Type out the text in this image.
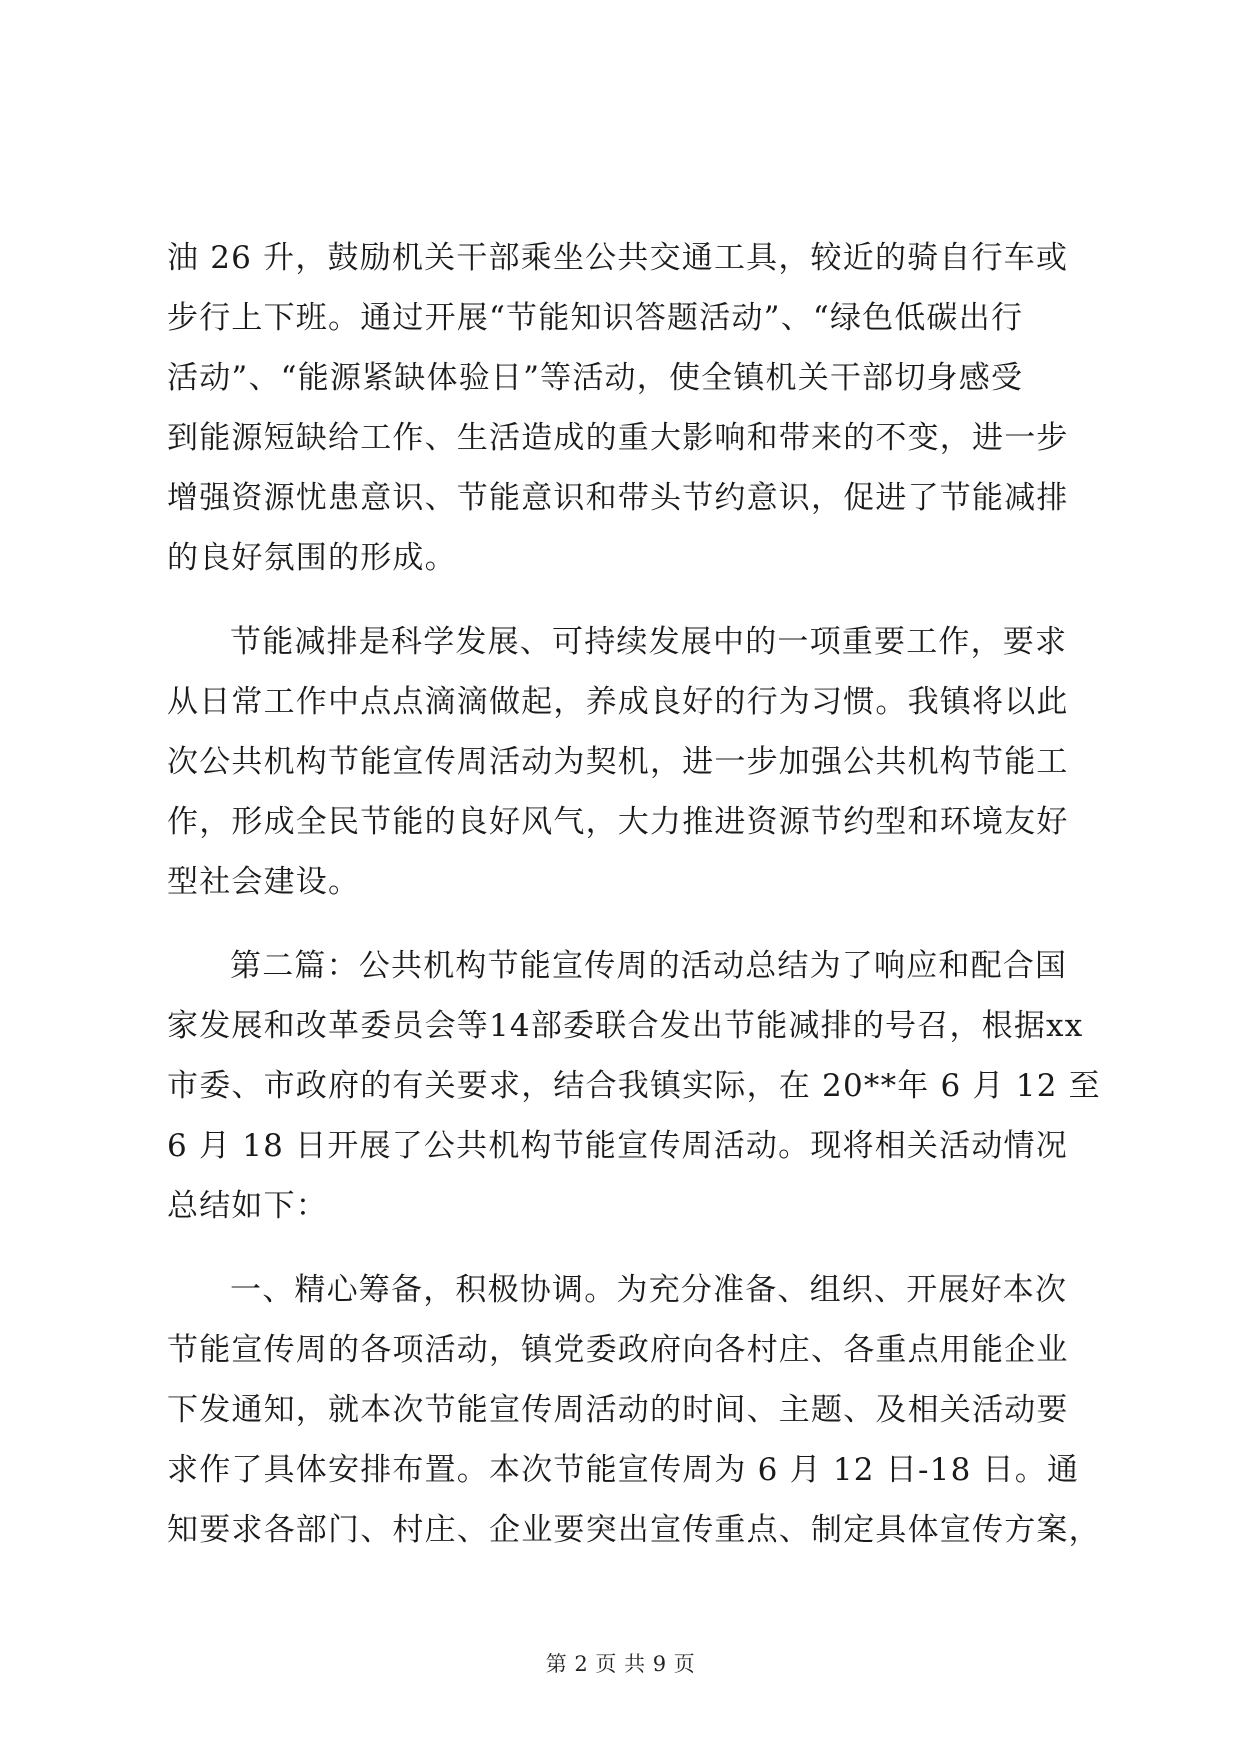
油 26 升，鼓励机关干部乘坐公共交通工具，较近的骑自行车或
步行上下班。通过开展“节能知识答题活动”、“绿色低碳出行
活动”、“能源紧缺体验日”等活动，使全镇机关干部切身感受
到能源短缺给工作、生活造成的重大影响和带来的不变，进一步
增强资源忧患意识、节能意识和带头节约意识，促进了节能减排
的良好氛围的形成。
节能减排是科学发展、可持续发展中的一项重要工作，要求
从日常工作中点点滴滴做起，养成良好的行为习惯。我镇将以此
次公共机构节能宣传周活动为契机，进一步加强公共机构节能工
作，形成全民节能的良好风气，大力推进资源节约型和环境友好
型社会建设。
第二篇：公共机构节能宣传周的活动总结为了响应和配合国
家发展和改革委员会等14部委联合发出节能减排的号召，根据xx
市委、市政府的有关要求，结合我镇实际，在 20**年 6 月 12 至
6 月 18 日开展了公共机构节能宣传周活动。现将相关活动情况
总结如下：
一、精心筹备，积极协调。为充分准备、组织、开展好本次
节能宣传周的各项活动，镇党委政府向各村庄、各重点用能企业
下发通知，就本次节能宣传周活动的时间、主题、及相关活动要
求作了具体安排布置。本次节能宣传周为 6 月 12 日-18 日。通
知要求各部门、村庄、企业要突出宣传重点、制定具体宣传方案，
第 2 页 共 9 页
